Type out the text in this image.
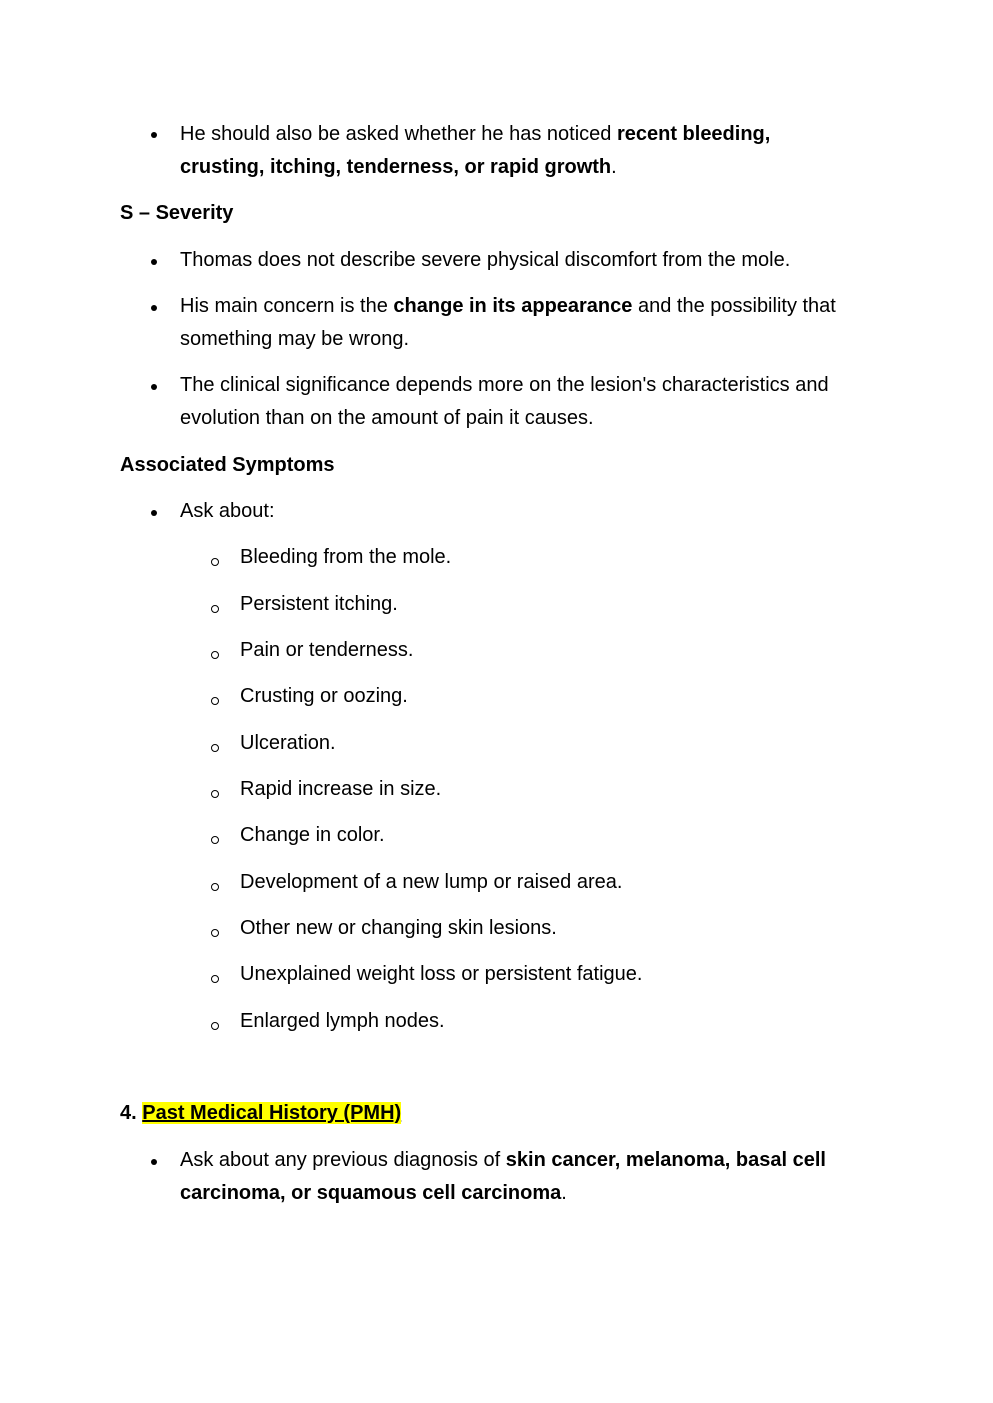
He should also be asked whether he has noticed recent bleeding,
crusting, itching, tenderness, or rapid growth.
S – Severity
Thomas does not describe severe physical discomfort from the mole.
His main concern is the change in its appearance and the possibility that
something may be wrong.
The clinical significance depends more on the lesion's characteristics and
evolution than on the amount of pain it causes.
Associated Symptoms
Ask about:
Bleeding from the mole.
Persistent itching.
Pain or tenderness.
Crusting or oozing.
Ulceration.
Rapid increase in size.
Change in color.
Development of a new lump or raised area.
Other new or changing skin lesions.
Unexplained weight loss or persistent fatigue.
Enlarged lymph nodes.
4. Past Medical History (PMH)
Ask about any previous diagnosis of skin cancer, melanoma, basal cell
carcinoma, or squamous cell carcinoma.
